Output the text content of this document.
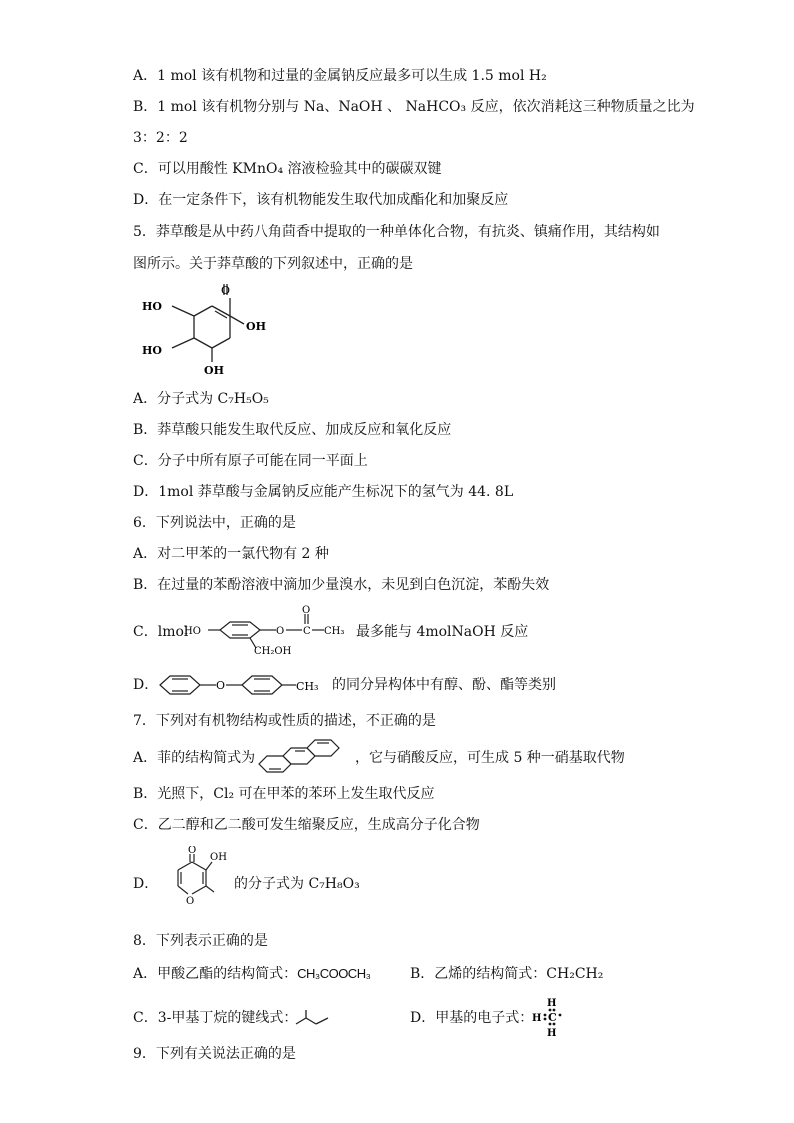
A．1 mol 该有机物和过量的金属钠反应最多可以生成 1.5 mol H₂
B．1 mol 该有机物分别与 Na、NaOH 、 NaHCO₃ 反应，依次消耗这三种物质量之比为
3：2：2
C．可以用酸性 KMnO₄ 溶液检验其中的碳碳双键
D．在一定条件下，该有机物能发生取代加成酯化和加聚反应
5．莽草酸是从中药八角茴香中提取的一种单体化合物，有抗炎、镇痛作用，其结构如
图所示。关于莽草酸的下列叙述中，正确的是
O
OH
HO
HO
OH
A．分子式为 C₇H₅O₅
B．莽草酸只能发生取代反应、加成反应和氧化反应
C．分子中所有原子可能在同一平面上
D．1mol 莽草酸与金属钠反应能产生标况下的氢气为 44. 8L
6．下列说法中，正确的是
A．对二甲苯的一氯代物有 2 种
B．在过量的苯酚溶液中滴加少量溴水，未见到白色沉淀，苯酚失效
C．lmol
HO	O C
O
CH₃
CH₂OH
最多能与 4molNaOH 反应
D．	O	CH₃ 的同分异构体中有醇、酚、酯等类别
7．下列对有机物结构或性质的描述，不正确的是
A．菲的结构简式为	，它与硝酸反应，可生成 5 种一硝基取代物
B．光照下，Cl₂ 可在甲苯的苯环上发生取代反应
C．乙二醇和乙二酸可发生缩聚反应，生成高分子化合物
D．
O
OH
O
的分子式为 C₇H₈O₃
8．下列表示正确的是
A．甲酸乙酯的结构简式：CH₃COOCH₃	B．乙烯的结构简式：CH₂CH₂
C．3-甲基丁烷的键线式：	D．甲基的电子式：
H
H C
H
9．下列有关说法正确的是
